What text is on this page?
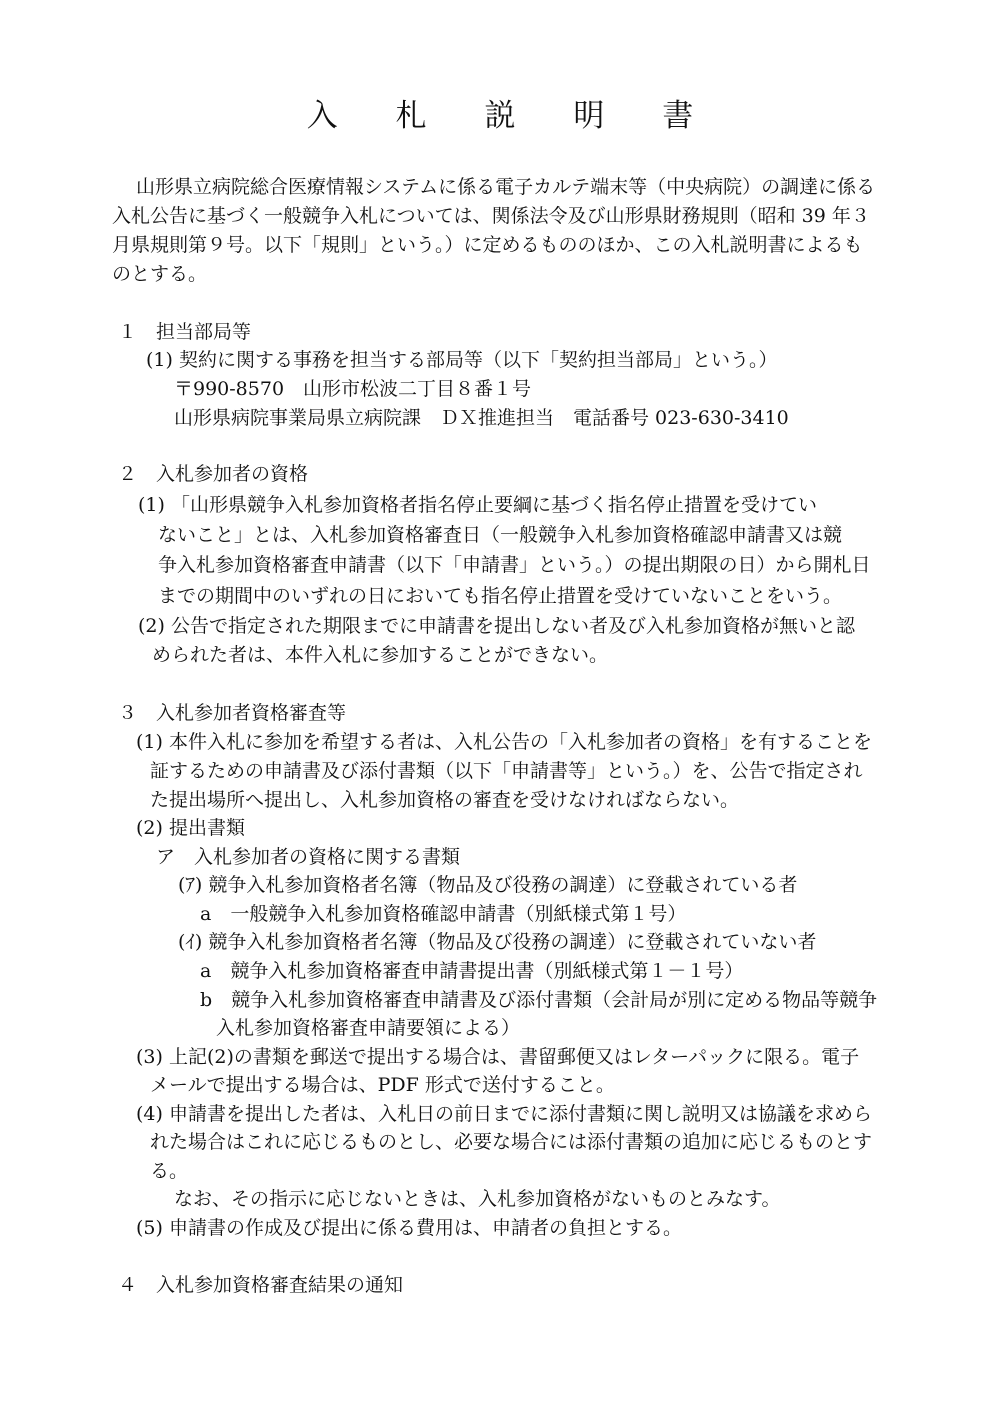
入 札 説 明 書
山形県立病院総合医療情報システムに係る電子カルテ端末等（中央病院）の調達に係る
入札公告に基づく一般競争入札については、関係法令及び山形県財務規則（昭和 39 年３
月県規則第９号。以下「規則」という。）に定めるもののほか、この入札説明書によるも
のとする。
１　担当部局等
(1) 契約に関する事務を担当する部局等（以下「契約担当部局」という。）
〒990-8570　山形市松波二丁目８番１号
山形県病院事業局県立病院課　ＤＸ推進担当　電話番号 023-630-3410
２　入札参加者の資格
(1) 「山形県競争入札参加資格者指名停止要綱に基づく指名停止措置を受けてい
ないこと」とは、入札参加資格審査日（一般競争入札参加資格確認申請書又は競
争入札参加資格審査申請書（以下「申請書」という。）の提出期限の日）から開札日
までの期間中のいずれの日においても指名停止措置を受けていないことをいう。
(2) 公告で指定された期限までに申請書を提出しない者及び入札参加資格が無いと認
められた者は、本件入札に参加することができない。
３　入札参加者資格審査等
(1) 本件入札に参加を希望する者は、入札公告の「入札参加者の資格」を有することを
証するための申請書及び添付書類（以下「申請書等」という。）を、公告で指定され
た提出場所へ提出し、入札参加資格の審査を受けなければならない。
(2) 提出書類
ア　入札参加者の資格に関する書類
(ｱ) 競争入札参加資格者名簿（物品及び役務の調達）に登載されている者
a　一般競争入札参加資格確認申請書（別紙様式第１号）
(ｲ) 競争入札参加資格者名簿（物品及び役務の調達）に登載されていない者
a　競争入札参加資格審査申請書提出書（別紙様式第１－１号）
b　競争入札参加資格審査申請書及び添付書類（会計局が別に定める物品等競争
入札参加資格審査申請要領による）
(3) 上記(2)の書類を郵送で提出する場合は、書留郵便又はレターパックに限る。電子
メールで提出する場合は、PDF 形式で送付すること。
(4) 申請書を提出した者は、入札日の前日までに添付書類に関し説明又は協議を求めら
れた場合はこれに応じるものとし、必要な場合には添付書類の追加に応じるものとす
る。
なお、その指示に応じないときは、入札参加資格がないものとみなす。
(5) 申請書の作成及び提出に係る費用は、申請者の負担とする。
４　入札参加資格審査結果の通知
